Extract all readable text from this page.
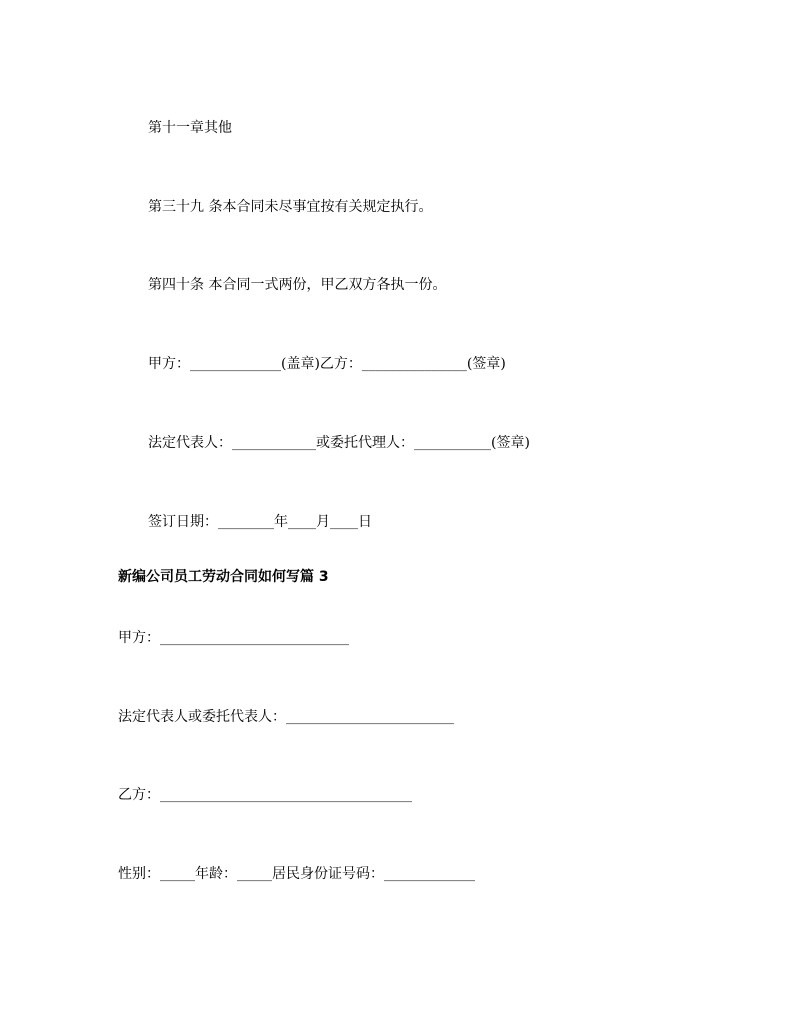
第十一章其他
第三十九 条本合同未尽事宜按有关规定执行。
第四十条 本合同一式两份，甲乙双方各执一份。
甲方：_____________(盖章)乙方：_______________(签章)
法定代表人：____________或委托代理人：___________(签章)
签订日期：________年____月____日
新编公司员工劳动合同如何写篇 3
甲方：___________________________
法定代表人或委托代表人：________________________
乙方：____________________________________
性别：_____年龄：_____居民身份证号码：_____________
